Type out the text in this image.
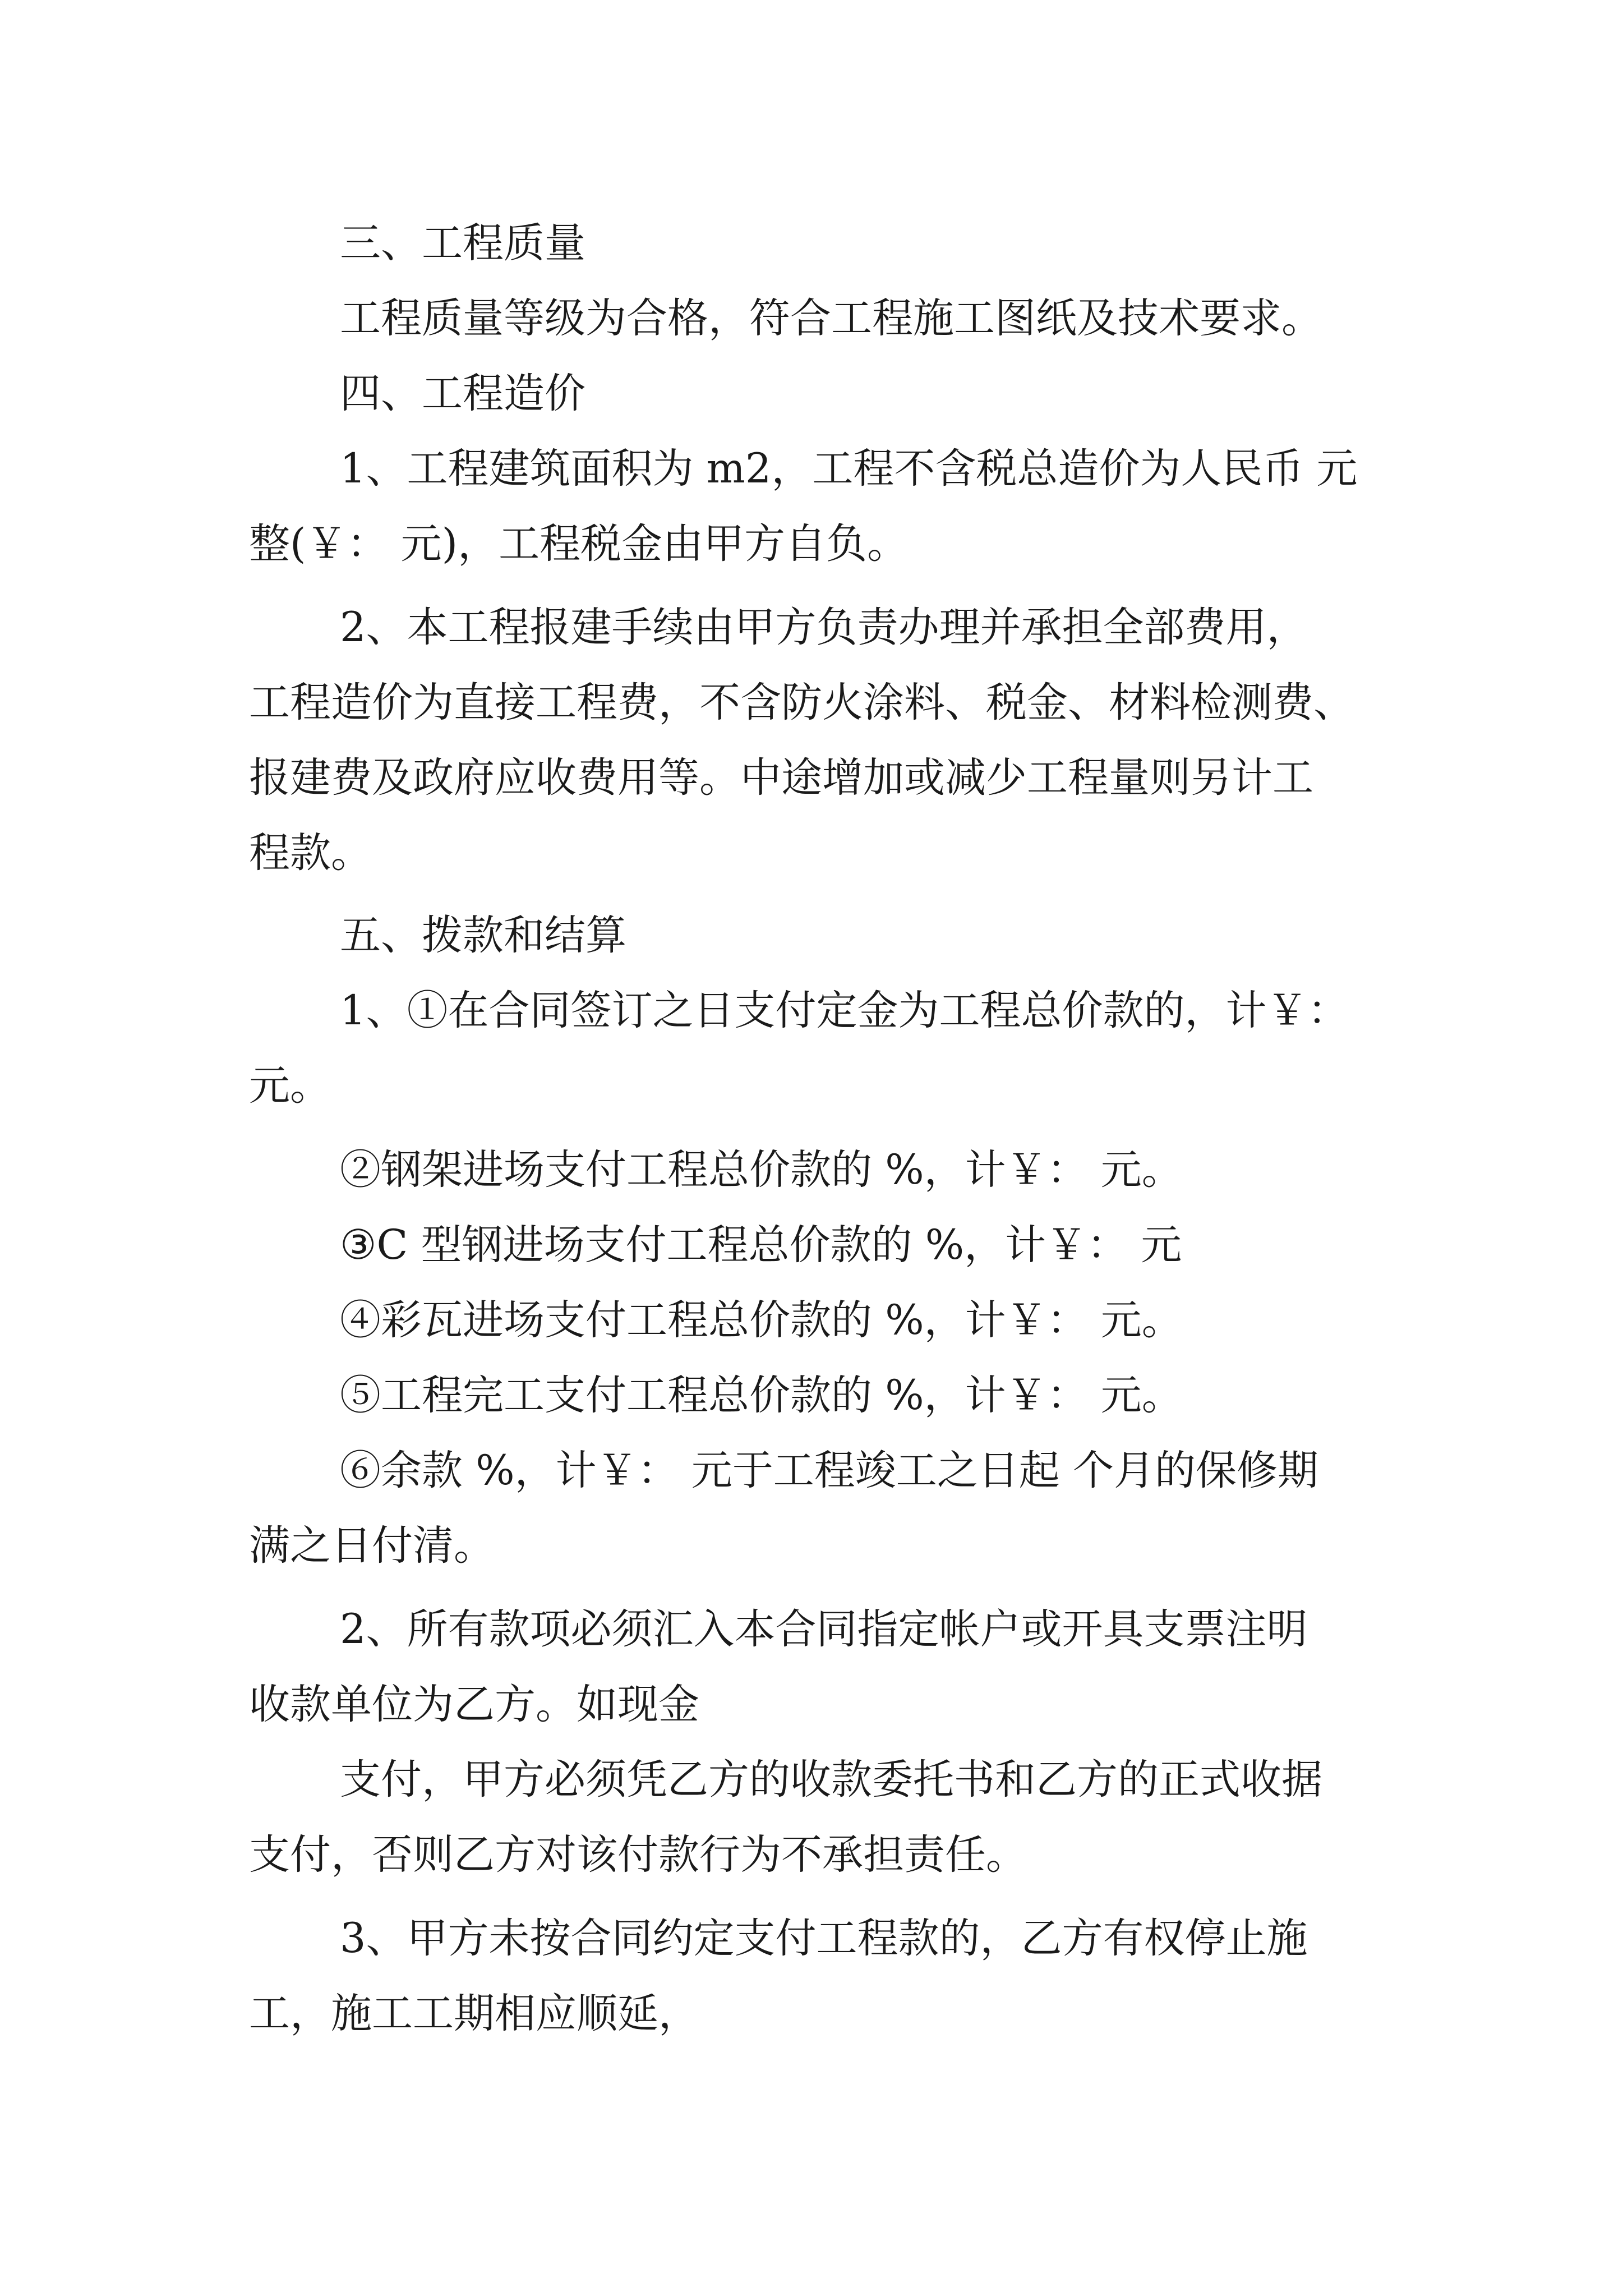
三、工程质量
工程质量等级为合格，符合工程施工图纸及技术要求。
四、工程造价
1、工程建筑面积为 m2，工程不含税总造价为人民币 元
整(￥： 元)，工程税金由甲方自负。
2、本工程报建手续由甲方负责办理并承担全部费用，
工程造价为直接工程费，不含防火涂料、税金、材料检测费、
报建费及政府应收费用等。中途增加或减少工程量则另计工
程款。
五、拨款和结算
1、①在合同签订之日支付定金为工程总价款的，计￥：
元。
②钢架进场支付工程总价款的 %，计￥： 元。
③C 型钢进场支付工程总价款的 %，计￥： 元
④彩瓦进场支付工程总价款的 %，计￥： 元。
⑤工程完工支付工程总价款的 %，计￥： 元。
⑥余款 %，计￥： 元于工程竣工之日起 个月的保修期
满之日付清。
2、所有款项必须汇入本合同指定帐户或开具支票注明
收款单位为乙方。如现金
支付，甲方必须凭乙方的收款委托书和乙方的正式收据
支付，否则乙方对该付款行为不承担责任。
3、甲方未按合同约定支付工程款的，乙方有权停止施
工，施工工期相应顺延，
